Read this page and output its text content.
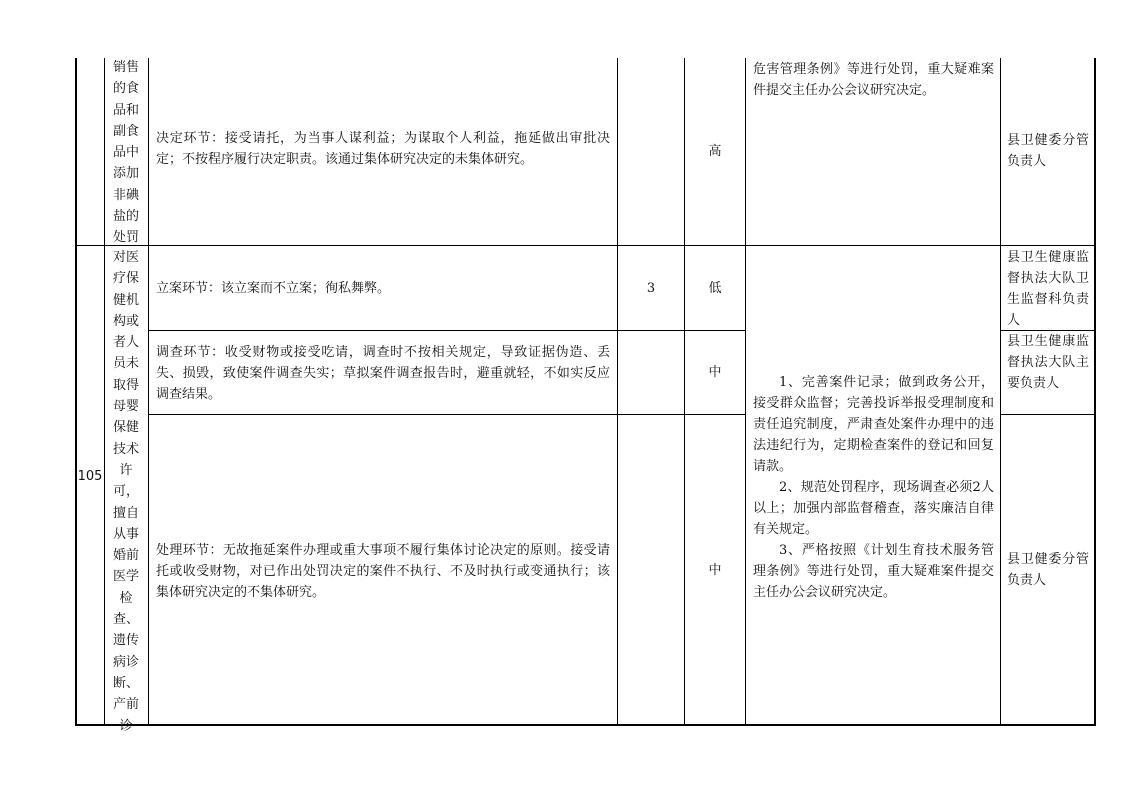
销售的食品和副食品中添加非碘盐的处罚
决定环节：接受请托，为当事人谋利益；为谋取个人利益，拖延做出审批决定；不按程序履行决定职责。该通过集体研究决定的未集体研究。
高
危害管理条例》等进行处罚，重大疑难案件提交主任办公会议研究决定。
县卫健委分管负责人
105
对医疗保健机构或者人员未取得母婴保健技术许可，擅自从事婚前医学检查、遗传病诊断、产前诊
立案环节：该立案而不立案；徇私舞弊。	3	低
调查环节：收受财物或接受吃请，调查时不按相关规定，导致证据伪造、丢失、损毁，致使案件调查失实；草拟案件调查报告时，避重就轻，不如实反应调查结果。
中
处理环节：无故拖延案件办理或重大事项不履行集体讨论决定的原则。接受请托或收受财物，对已作出处罚决定的案件不执行、不及时执行或变通执行；该集体研究决定的不集体研究。
中

1、完善案件记录；做到政务公开，接受群众监督；完善投诉举报受理制度和责任追究制度，严肃查处案件办理中的违法违纪行为，定期检查案件的登记和回复请款。

2、规范处罚程序，现场调查必须2人以上；加强内部监督稽查，落实廉洁自律有关规定。

3、严格按照《计划生育技术服务管理条例》等进行处罚，重大疑难案件提交主任办公会议研究决定。

县卫生健康监督执法大队卫生监督科负责人
县卫生健康监督执法大队主要负责人
县卫健委分管负责人
